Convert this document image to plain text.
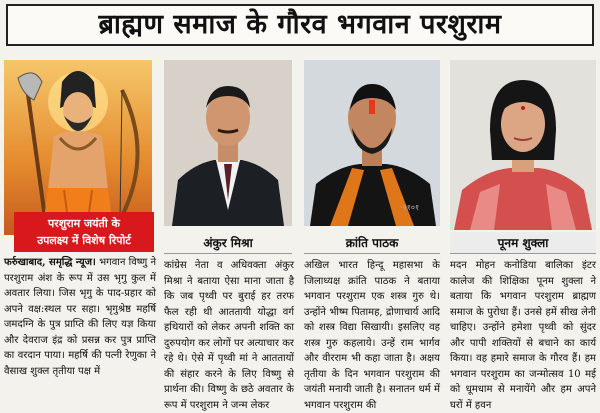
ब्राह्मण समाज के गौरव भगवान परशुराम
·२१०१
परशुराम जयंती के
उपलक्ष्य में विशेष रिपोर्ट	अंकुर मिश्रा	क्रांति पाठक	पूनम शुक्ला
फर्रुखाबाद, समृद्धि न्यूज। भगवान विष्णु ने परशुराम अंश के रूप में उस भृगु कुल में अवतार लिया। जिस भृगु के पाद-प्रहार को अपने वक्ष:स्थल पर सहा। भृगुश्रेष्ठ महर्षि जमदग्नि के पुत्र प्राप्ति की लिए यज्ञ किया और देवराज इंद्र को प्रसन्न कर पुत्र प्राप्ति का वरदान पाया। महर्षि की पत्नी रेणुका ने वैसाख शुक्ल तृतीया पक्ष में
कांग्रेस नेता व अधिवक्ता अंकुर मिश्रा ने बताया ऐसा माना जाता है कि जब पृथ्वी पर बुराई हर तरफ फैल रही थी आततायी योद्धा वर्ग हथियारों को लेकर अपनी शक्ति का दुरुपयोग कर लोगों पर अत्याचार कर रहे थे। ऐसे में पृथ्वी मां ने आततायों की संहार करने के लिए विष्णु से प्रार्थना की। विष्णु के छठे अवतार के रूप में परशुराम ने जन्म लेकर
अखिल भारत हिन्दू महासभा के जिलाध्यक्ष क्रांति पाठक ने बताया भगवान परशुराम एक शस्त्र गुरु थे। उन्होंने भीष्म पितामह, द्रोणाचार्य आदि को शस्त्र विद्या सिखायी। इसलिए वह शस्त्र गुरु कहलाये। उन्हें राम भार्गव और वीरराम भी कहा जाता है। अक्षय तृतीया के दिन भगवान परशुराम की जयंती मनायी जाती है। सनातन धर्म में भगवान परशुराम की
मदन मोहन कनोडिया बालिका इंटर कालेज की शिक्षिका पूनम शुक्ला ने बताया कि भगवान परशुराम ब्राह्मण समाज के पुरोधा हैं। उनसे हमें सीख लेनी चाहिए। उन्होंने हमेशा पृथ्वी को सुंदर और पापी शक्तियों से बचाने का कार्य किया। वह हमारे समाज के गौरव हैं। हम भगवान परशुराम का जन्मोत्सव 10 मई को धूमधाम से मनायेंगे और हम अपने घरों में हवन
